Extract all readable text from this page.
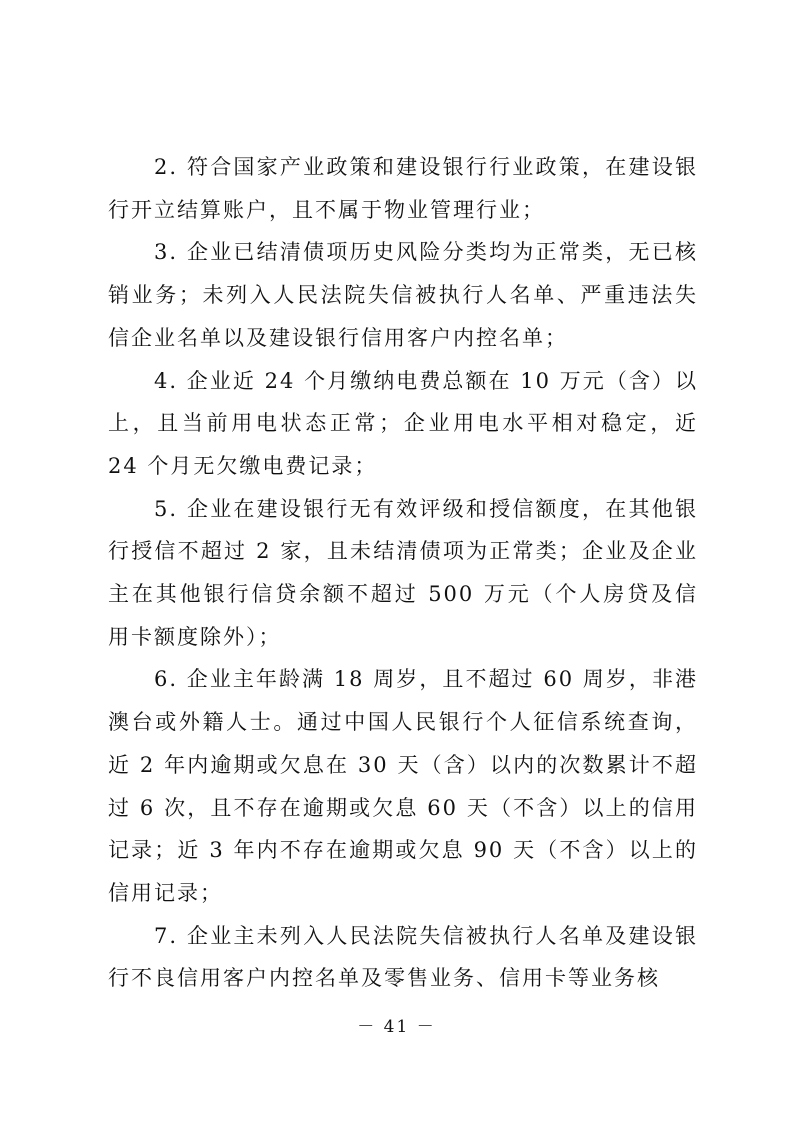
2. 符合国家产业政策和建设银行行业政策，在建设银行开立结算账户，且不属于物业管理行业；

3. 企业已结清债项历史风险分类均为正常类，无已核销业务；未列入人民法院失信被执行人名单、严重违法失信企业名单以及建设银行信用客户内控名单；

4. 企业近 24 个月缴纳电费总额在 10 万元（含）以上，且当前用电状态正常；企业用电水平相对稳定，近 24 个月无欠缴电费记录；

5. 企业在建设银行无有效评级和授信额度，在其他银行授信不超过 2 家，且未结清债项为正常类；企业及企业主在其他银行信贷余额不超过 500 万元（个人房贷及信用卡额度除外）；

6. 企业主年龄满 18 周岁，且不超过 60 周岁，非港澳台或外籍人士。通过中国人民银行个人征信系统查询，近 2 年内逾期或欠息在 30 天（含）以内的次数累计不超过 6 次，且不存在逾期或欠息 60 天（不含）以上的信用记录；近 3 年内不存在逾期或欠息 90 天（不含）以上的信用记录；

7. 企业主未列入人民法院失信被执行人名单及建设银行不良信用客户内控名单及零售业务、信用卡等业务核

－ 41 －
